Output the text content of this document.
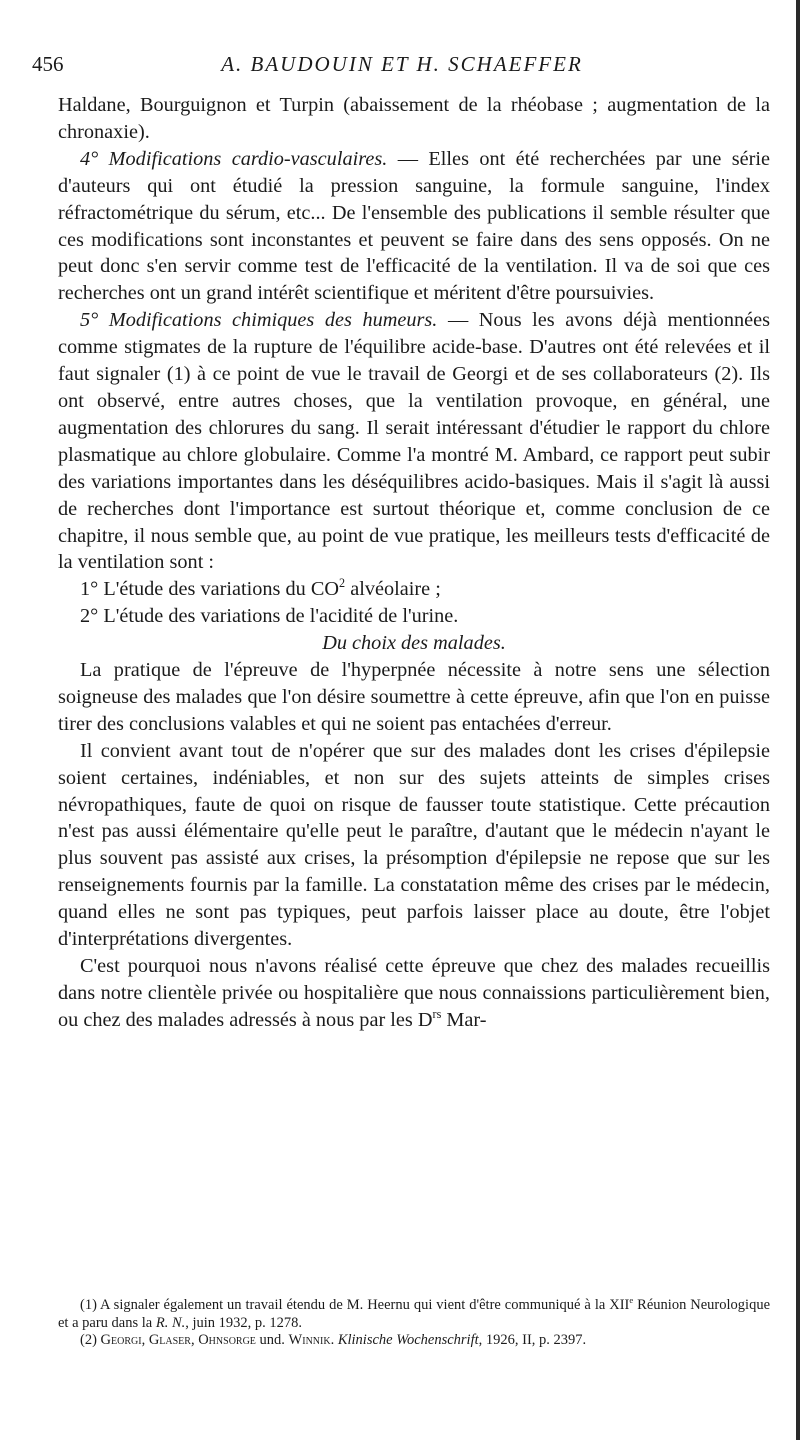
456	A. BAUDOUIN ET H. SCHAEFFER

Haldane, Bourguignon et Turpin (abaissement de la rhéobase ; augmentation de la chronaxie).

4° Modifications cardio-vasculaires. — Elles ont été recherchées par une série d'auteurs qui ont étudié la pression sanguine, la formule sanguine, l'index réfractométrique du sérum, etc... De l'ensemble des publications il semble résulter que ces modifications sont inconstantes et peuvent se faire dans des sens opposés. On ne peut donc s'en servir comme test de l'efficacité de la ventilation. Il va de soi que ces recherches ont un grand intérêt scientifique et méritent d'être poursuivies.

5° Modifications chimiques des humeurs. — Nous les avons déjà mentionnées comme stigmates de la rupture de l'équilibre acide-base. D'autres ont été relevées et il faut signaler (1) à ce point de vue le travail de Georgi et de ses collaborateurs (2). Ils ont observé, entre autres choses, que la ventilation provoque, en général, une augmentation des chlorures du sang. Il serait intéressant d'étudier le rapport du chlore plasmatique au chlore globulaire. Comme l'a montré M. Ambard, ce rapport peut subir des variations importantes dans les déséquilibres acido-basiques. Mais il s'agit là aussi de recherches dont l'importance est surtout théorique et, comme conclusion de ce chapitre, il nous semble que, au point de vue pratique, les meilleurs tests d'efficacité de la ventilation sont :

1° L'étude des variations du $CO^2$ alvéolaire ;

2° L'étude des variations de l'acidité de l'urine.

Du choix des malades.

La pratique de l'épreuve de l'hyperpnée nécessite à notre sens une sélection soigneuse des malades que l'on désire soumettre à cette épreuve, afin que l'on en puisse tirer des conclusions valables et qui ne soient pas entachées d'erreur.

Il convient avant tout de n'opérer que sur des malades dont les crises d'épilepsie soient certaines, indéniables, et non sur des sujets atteints de simples crises névropathiques, faute de quoi on risque de fausser toute statistique. Cette précaution n'est pas aussi élémentaire qu'elle peut le paraître, d'autant que le médecin n'ayant le plus souvent pas assisté aux crises, la présomption d'épilepsie ne repose que sur les renseignements fournis par la famille. La constatation même des crises par le médecin, quand elles ne sont pas typiques, peut parfois laisser place au doute, être l'objet d'interprétations divergentes.

C'est pourquoi nous n'avons réalisé cette épreuve que chez des malades recueillis dans notre clientèle privée ou hospitalière que nous connaissions particulièrement bien, ou chez des malades adressés à nous par les $D^{rs}$ Mar-

(1) A signaler également un travail étendu de M. Heernu qui vient d'être communiqué à la XIIe Réunion Neurologique et a paru dans la R. N., juin 1932, p. 1278.

(2) Georgi, Glaser, Ohnsorge und. Winnik. Klinische Wochenschrift, 1926, II, p. 2397.
